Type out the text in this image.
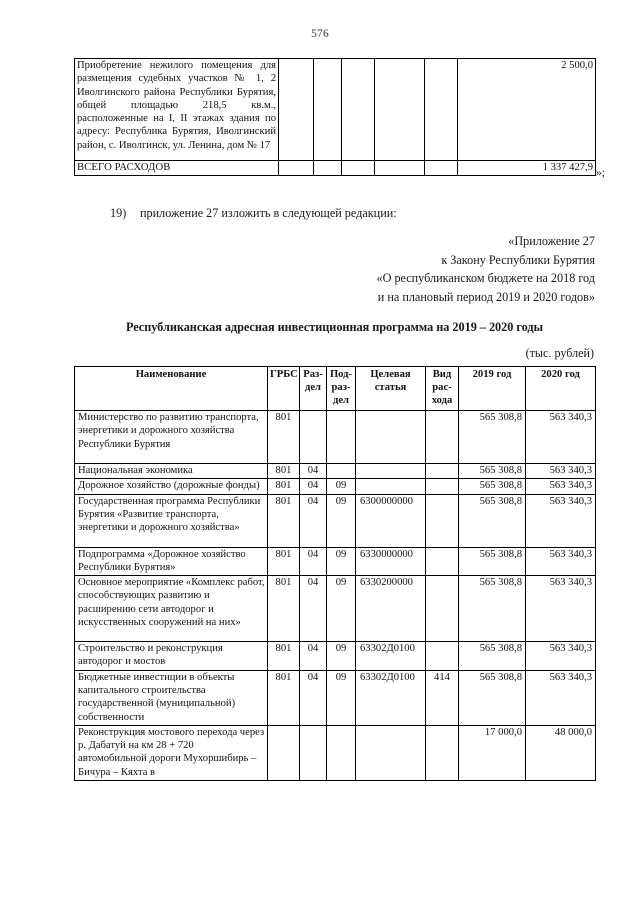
576
Приобретение нежилого помещения для размещения судебных участков № 1, 2 Иволгинского района Республики Бурятия, общей площадью 218,5 кв.м., расположенные на I, II этажах здания по адресу: Республика Бурятия, Иволгинский район, с. Иволгинск, ул. Ленина, дом № 17						2 500,0
ВСЕГО РАСХОДОВ						1 337 427,9 »;
19) приложение 27 изложить в следующей редакции:
«Приложение 27
к Закону Республики Бурятия
«О республиканском бюджете на 2018 год
и на плановый период 2019 и 2020 годов»
Республиканская адресная инвестиционная программа на 2019 – 2020 годы
(тыс. рублей)
Наименование	ГРБС	Раз-дел	Под-раз-дел	Целевая статья	Вид рас-хода	2019 год	2020 год
Министерство по развитию транспорта, энергетики и дорожного хозяйства Республики Бурятия	801					565 308,8	563 340,3
Национальная экономика	801	04				565 308,8	563 340,3
Дорожное хозяйство (дорожные фонды)	801	04	09			565 308,8	563 340,3
Государственная программа Республики Бурятия «Развитие транспорта, энергетики и дорожного хозяйства»	801	04	09	6300000000		565 308,8	563 340,3
Подпрограмма «Дорожное хозяйство Республики Бурятия»	801	04	09	6330000000		565 308,8	563 340,3
Основное мероприятие «Комплекс работ, способствующих развитию и расширению сети автодорог и искусственных сооружений на них»	801	04	09	6330200000		565 308,8	563 340,3
Строительство и реконструкция автодорог и мостов	801	04	09	63302Д0100		565 308,8	563 340,3
Бюджетные инвестиции в объекты капитального строительства государственной (муниципальной) собственности	801	04	09	63302Д0100	414	565 308,8	563 340,3
Реконструкция мостового перехода через р. Дабатуй на км 28 + 720 автомобильной дороги Мухоршибирь – Бичура – Кяхта в						17 000,0	48 000,0
